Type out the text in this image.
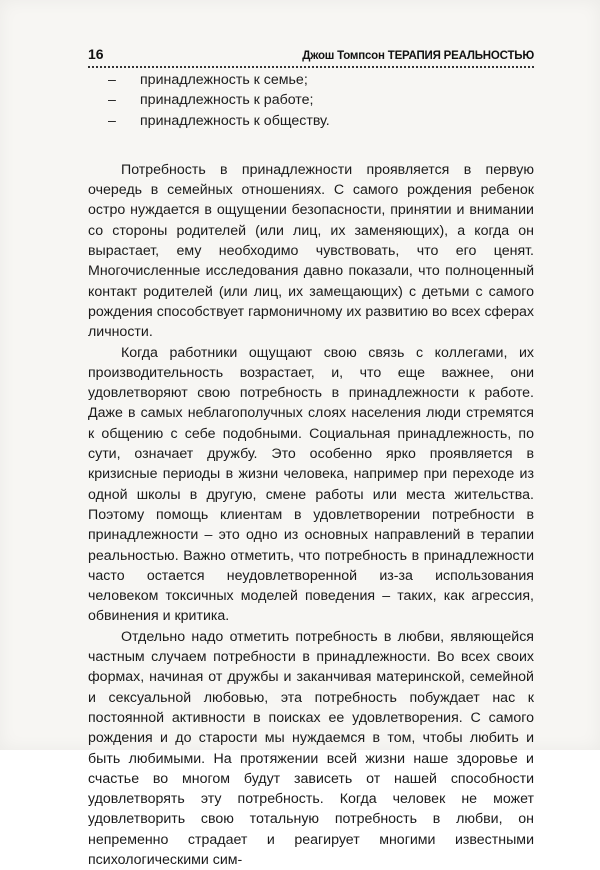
16	Джош Томпсон ТЕРАПИЯ РЕАЛЬНОСТЬЮ
– принадлежность к семье;
– принадлежность к работе;
– принадлежность к обществу.

Потребность в принадлежности проявляется в первую очередь в семейных отношениях. С самого рождения ребенок остро нуждается в ощущении безопасности, принятии и внимании со стороны родителей (или лиц, их заменяющих), а когда он вырастает, ему необходимо чувствовать, что его ценят. Многочисленные исследования давно показали, что полноценный контакт родителей (или лиц, их замещающих) с детьми с самого рождения способствует гармоничному их развитию во всех сферах личности.

Когда работники ощущают свою связь с коллегами, их производительность возрастает, и, что еще важнее, они удовлетворяют свою потребность в принадлежности к работе. Даже в самых неблагополучных слоях населения люди стремятся к общению с себе подобными. Социальная принадлежность, по сути, означает дружбу. Это особенно ярко проявляется в кризисные периоды в жизни человека, например при переходе из одной школы в другую, смене работы или места жительства. Поэтому помощь клиентам в удовлетворении потребности в принадлежности – это одно из основных направлений в терапии реальностью. Важно отметить, что потребность в принадлежности часто остается неудовлетворенной из-за использования человеком токсичных моделей поведения – таких, как агрессия, обвинения и критика.

Отдельно надо отметить потребность в любви, являющейся частным случаем потребности в принадлежности. Во всех своих формах, начиная от дружбы и заканчивая материнской, семейной и сексуальной любовью, эта потребность побуждает нас к постоянной активности в поисках ее удовлетворения. С самого рождения и до старости мы нуждаемся в том, чтобы любить и быть любимыми. На протяжении всей жизни наше здоровье и счастье во многом будут зависеть от нашей способности удовлетворять эту потребность. Когда человек не может удовлетворить свою тотальную потребность в любви, он непременно страдает и реагирует многими известными психологическими сим-
